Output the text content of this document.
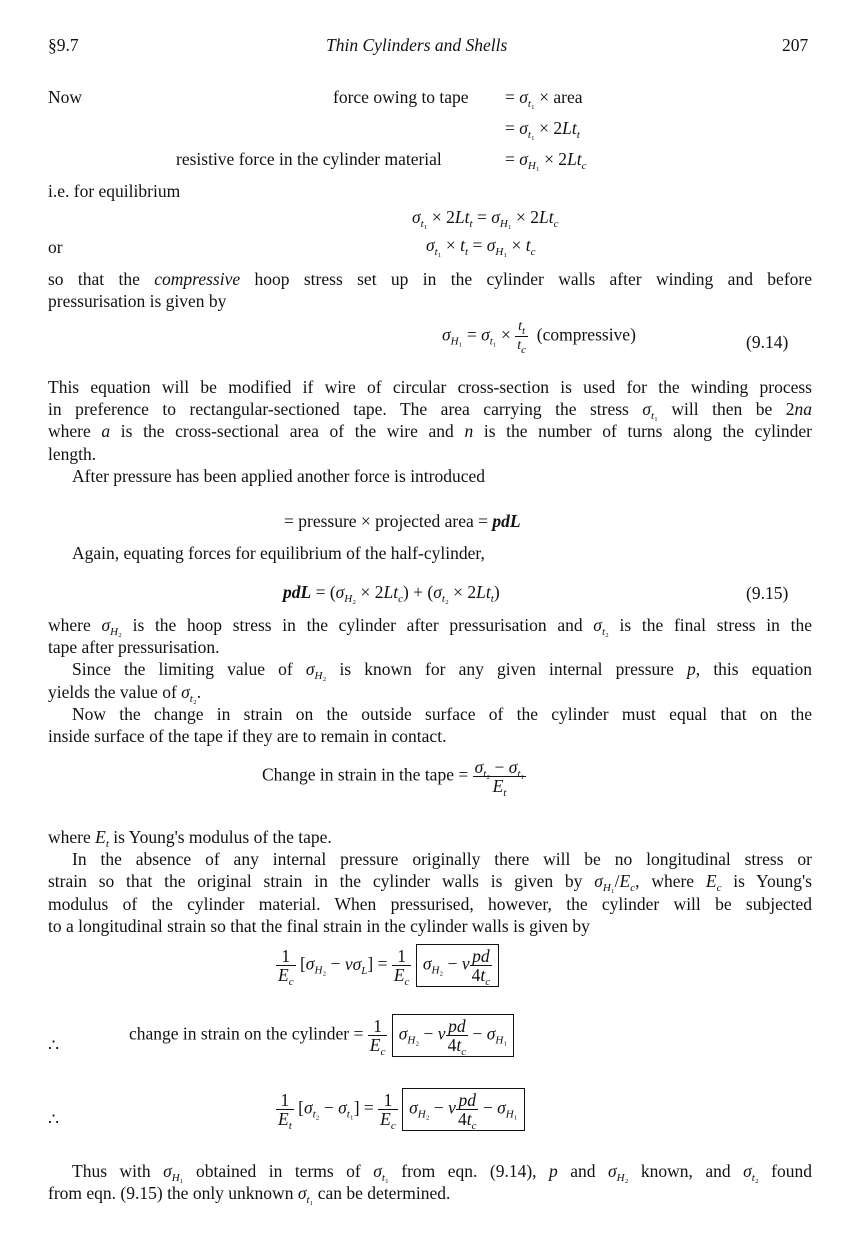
§9.7	Thin Cylinders and Shells	207
Now	force owing to tape = $\sigma_{t_1}$ × area
= $\sigma_{t_1} \times 2Lt_t$
resistive force in the cylinder material	= $\sigma_{H_1} \times 2Lt_c$
i.e. for equilibrium
$\sigma_{t_1} \times 2Lt_t = \sigma_{H_1} \times 2Lt_c$
or	$\sigma_{t_1} \times t_t = \sigma_{H_1} \times t_c$
so that the compressive hoop stress set up in the cylinder walls after winding and before
pressurisation is given by
$\sigma_{H_1} = \sigma_{t_1} \times \frac{t_t}{t_c}$ (compressive)	(9.14)
This equation will be modified if wire of circular cross-section is used for the winding process
in preference to rectangular-sectioned tape. The area carrying the stress $\sigma_{t_1}$ will then be 2na
where a is the cross-sectional area of the wire and n is the number of turns along the cylinder
length.
After pressure has been applied another force is introduced
= pressure × projected area = pdL
Again, equating forces for equilibrium of the half-cylinder,
pdL = $(\sigma_{H_2} \times 2Lt_c) + (\sigma_{t_2} \times 2Lt_t)$	(9.15)
where $\sigma_{H_2}$ is the hoop stress in the cylinder after pressurisation and $\sigma_{t_2}$ is the final stress in the
tape after pressurisation.
Since the limiting value of $\sigma_{H_2}$ is known for any given internal pressure p, this equation
yields the value of $\sigma_{t_2}$.
Now the change in strain on the outside surface of the cylinder must equal that on the
inside surface of the tape if they are to remain in contact.
Change in strain in the tape = $\frac{\sigma_{t_2} - \sigma_{t_1}}{E_t}$
where $E_t$ is Young's modulus of the tape.
In the absence of any internal pressure originally there will be no longitudinal stress or
strain so that the original strain in the cylinder walls is given by $\sigma_{H_1}/E_c$, where $E_c$ is Young's
modulus of the cylinder material. When pressurised, however, the cylinder will be subjected
to a longitudinal strain so that the final strain in the cylinder walls is given by
$\frac{1}{E_c} [\sigma_{H_2} - \nu\sigma_L] = \frac{1}{E_c} \sigma_{H_2} - \nu \frac{pd}{4t_c}$
∴
change in strain on the cylinder = $\frac{1}{E_c} \sigma_{H_2} - \nu \frac{pd}{4t_c} - \sigma_{H_1}$
∴	$\frac{1}{E_t} [\sigma_{t_2} - \sigma_{t_1}] = \frac{1}{E_c} \sigma_{H_2} - \nu \frac{pd}{4t_c} - \sigma_{H_1}$
Thus with $\sigma_{H_1}$ obtained in terms of $\sigma_{t_1}$ from eqn. (9.14), p and $\sigma_{H_2}$ known, and $\sigma_{t_2}$ found
from eqn. (9.15) the only unknown $\sigma_{t_1}$ can be determined.
